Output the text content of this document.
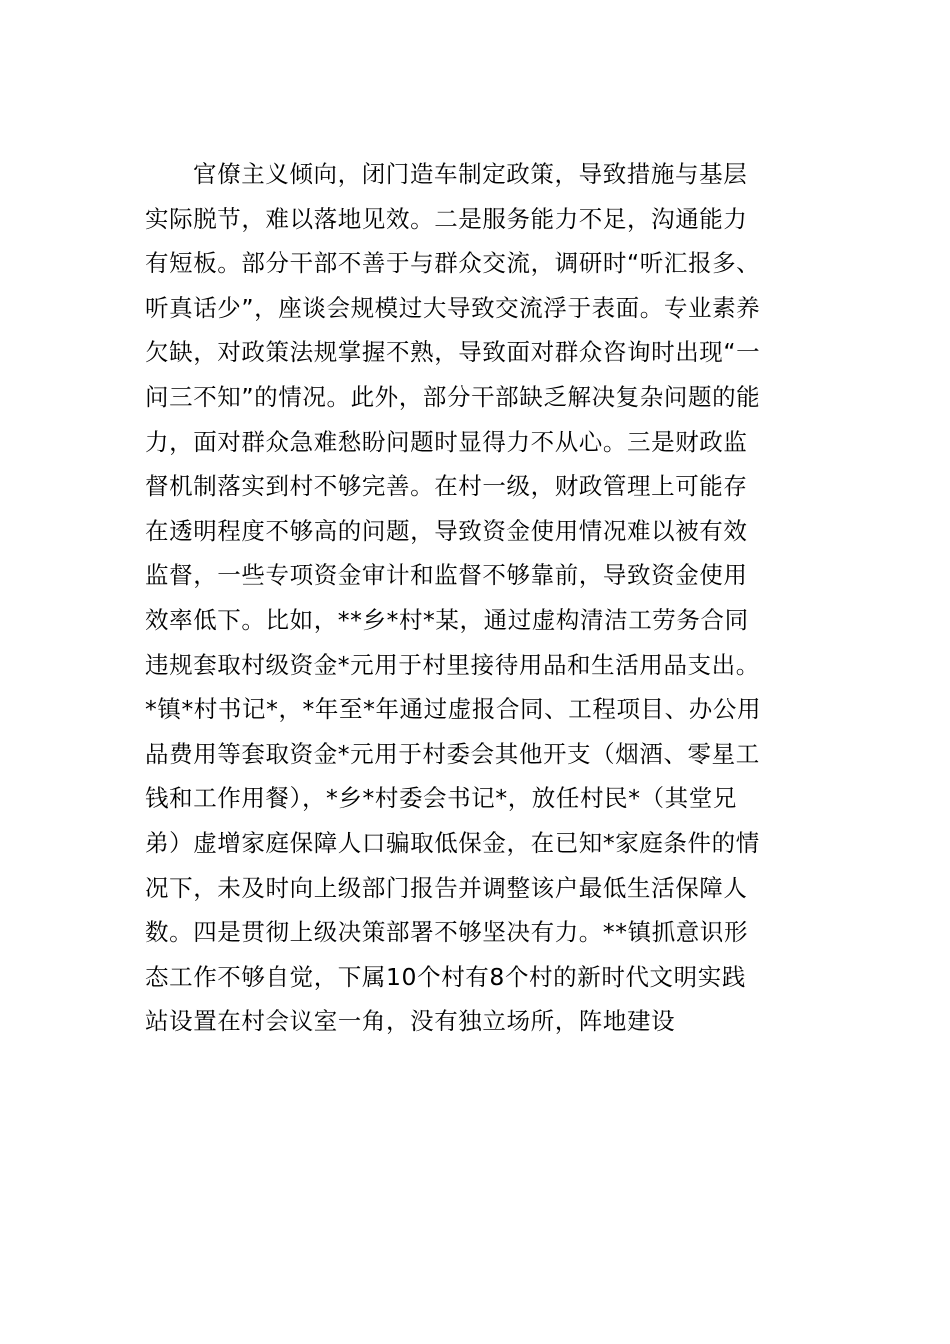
官僚主义倾向，闭门造车制定政策，导致措施与基层
实际脱节，难以落地见效。二是服务能力不足，沟通能力
有短板。部分干部不善于与群众交流，调研时“听汇报多、
听真话少”，座谈会规模过大导致交流浮于表面。专业素养
欠缺，对政策法规掌握不熟，导致面对群众咨询时出现“一
问三不知”的情况。此外，部分干部缺乏解决复杂问题的能
力，面对群众急难愁盼问题时显得力不从心。三是财政监
督机制落实到村不够完善。在村一级，财政管理上可能存
在透明程度不够高的问题，导致资金使用情况难以被有效
监督，一些专项资金审计和监督不够靠前，导致资金使用
效率低下。比如，**乡*村*某，通过虚构清洁工劳务合同
违规套取村级资金*元用于村里接待用品和生活用品支出。
*镇*村书记*，*年至*年通过虚报合同、工程项目、办公用
品费用等套取资金*元用于村委会其他开支（烟酒、零星工
钱和工作用餐），*乡*村委会书记*，放任村民*（其堂兄
弟）虚增家庭保障人口骗取低保金，在已知*家庭条件的情
况下，未及时向上级部门报告并调整该户最低生活保障人
数。四是贯彻上级决策部署不够坚决有力。**镇抓意识形
态工作不够自觉，下属10个村有8个村的新时代文明实践
站设置在村会议室一角，没有独立场所，阵地建设
